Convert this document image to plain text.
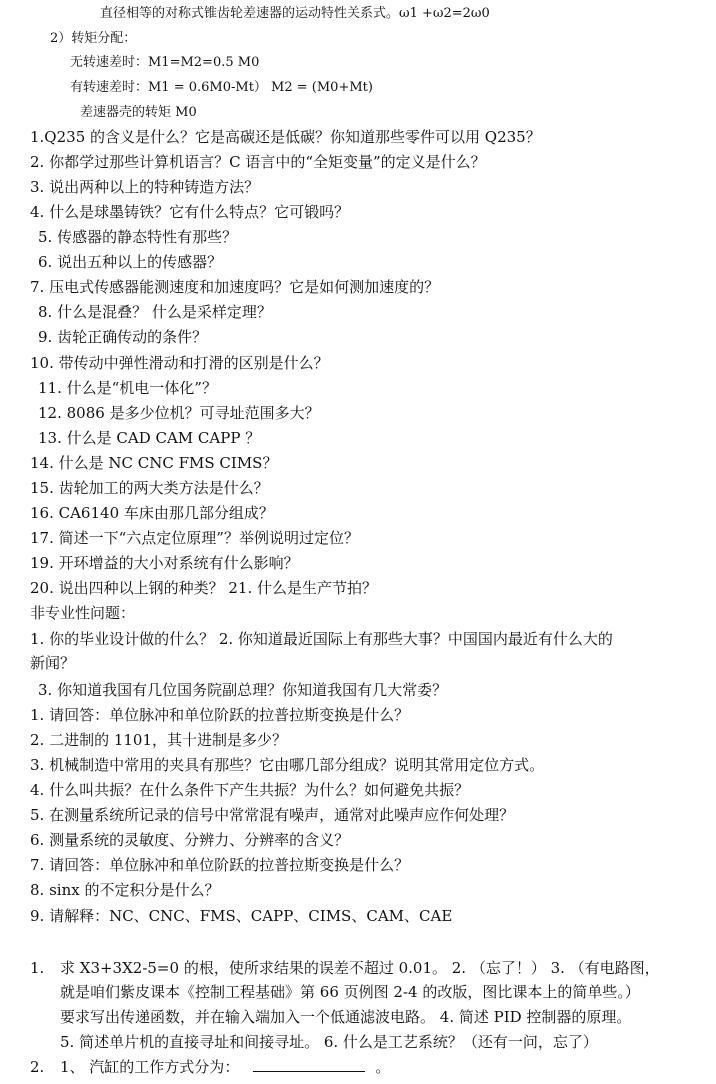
直径相等的对称式锥齿轮差速器的运动特性关系式。ω1 +ω2=2ω0
2）转矩分配：
无转速差时：M1=M2=0.5 M0
有转速差时：M1 = 0.6M0-Mt） M2 = (M0+Mt)
差速器壳的转矩 M0
1.Q235 的含义是什么？它是高碳还是低碳？你知道那些零件可以用 Q235？
2. 你都学过那些计算机语言？C 语言中的“全矩变量”的定义是什么？
3. 说出两种以上的特种铸造方法？
4. 什么是球墨铸铁？它有什么特点？它可锻吗？
5. 传感器的静态特性有那些？
6. 说出五种以上的传感器？
7. 压电式传感器能测速度和加速度吗？它是如何测加速度的？
8. 什么是混叠？ 什么是采样定理？
9. 齿轮正确传动的条件？
10. 带传动中弹性滑动和打滑的区别是什么？
11. 什么是“机电一体化”？
12. 8086 是多少位机？可寻址范围多大？
13. 什么是 CAD CAM CAPP ？
14. 什么是 NC CNC FMS CIMS？
15. 齿轮加工的两大类方法是什么？
16. CA6140 车床由那几部分组成？
17. 简述一下“六点定位原理”？举例说明过定位？
19. 开环增益的大小对系统有什么影响？
20. 说出四种以上钢的种类？ 21. 什么是生产节拍？
非专业性问题：
1. 你的毕业设计做的什么？ 2. 你知道最近国际上有那些大事？中国国内最近有什么大的
新闻？
3. 你知道我国有几位国务院副总理？你知道我国有几大常委？
1. 请回答：单位脉冲和单位阶跃的拉普拉斯变换是什么？
2. 二进制的 1101，其十进制是多少？
3. 机械制造中常用的夹具有那些？它由哪几部分组成？说明其常用定位方式。
4. 什么叫共振？在什么条件下产生共振？为什么？如何避免共振？
5. 在测量系统所记录的信号中常常混有噪声，通常对此噪声应作何处理？
6. 测量系统的灵敏度、分辨力、分辨率的含义？
7. 请回答：单位脉冲和单位阶跃的拉普拉斯变换是什么？
8. sinx 的不定积分是什么？
9. 请解释：NC、CNC、FMS、CAPP、CIMS、CAM、CAE
1. 求 X3+3X2-5=0 的根，使所求结果的误差不超过 0.01。 2. （忘了！） 3. （有电路图，
就是咱们紫皮课本《控制工程基础》第 66 页例图 2-4 的改版，图比课本上的简单些。）
要求写出传递函数，并在输入端加入一个低通滤波电路。 4. 简述 PID 控制器的原理。
5. 简述单片机的直接寻址和间接寻址。 6. 什么是工艺系统？（还有一问，忘了）
2. 1、 汽缸的工作方式分为：	。
